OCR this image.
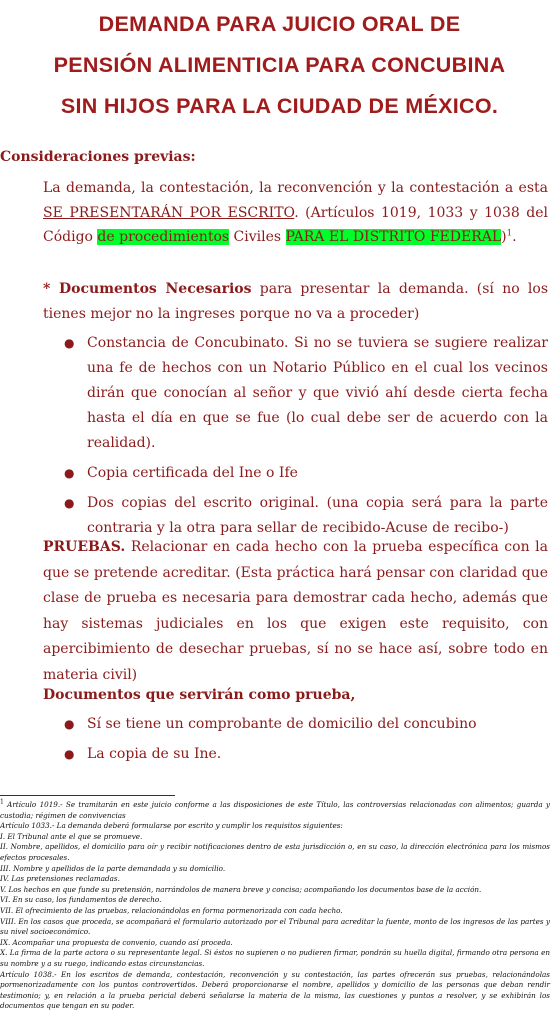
DEMANDA PARA JUICIO ORAL DE
PENSIÓN ALIMENTICIA PARA CONCUBINA
SIN HIJOS PARA LA CIUDAD DE MÉXICO.
Consideraciones previas:
La demanda, la contestación, la reconvención y la contestación a esta SE PRESENTARÁN POR ESCRITO. (Artículos 1019, 1033 y 1038 del Código de procedimientos Civiles PARA EL DISTRITO FEDERAL)$^1$.
* Documentos Necesarios para presentar la demanda. (sí no los tienes mejor no la ingreses porque no va a proceder)
● Constancia de Concubinato. Si no se tuviera se sugiere realizar una fe de hechos con un Notario Público en el cual los vecinos dirán que conocían al señor y que vivió ahí desde cierta fecha hasta el día en que se fue (lo cual debe ser de acuerdo con la realidad).
● Copia certificada del Ine o Ife
● Dos copias del escrito original. (una copia será para la parte contraria y la otra para sellar de recibido-Acuse de recibo-)
PRUEBAS. Relacionar en cada hecho con la prueba específica con la que se pretende acreditar. (Esta práctica hará pensar con claridad que clase de prueba es necesaria para demostrar cada hecho, además que hay sistemas judiciales en los que exigen este requisito, con apercibimiento de desechar pruebas, sí no se hace así, sobre todo en materia civil)
Documentos que servirán como prueba,
● Sí se tiene un comprobante de domicilio del concubino
● La copia de su Ine.

$^1$ Artículo 1019.- Se tramitarán en este juicio conforme a las disposiciones de este Título, las controversias relacionadas con alimentos; guarda y custodia; régimen de convivencias

Artículo 1033.- La demanda deberá formularse por escrito y cumplir los requisitos siguientes:

I. El Tribunal ante el que se promueve.

II. Nombre, apellidos, el domicilio para oír y recibir notificaciones dentro de esta jurisdicción o, en su caso, la dirección electrónica para los mismos efectos procesales.

III. Nombre y apellidos de la parte demandada y su domicilio.

IV. Las pretensiones reclamadas.

V. Los hechos en que funde su pretensión, narrándolos de manera breve y concisa; acompañando los documentos base de la acción.

VI. En su caso, los fundamentos de derecho.

VII. El ofrecimiento de las pruebas, relacionándolas en forma pormenorizada con cada hecho.

VIII. En los casos que proceda, se acompañará el formulario autorizado por el Tribunal para acreditar la fuente, monto de los ingresos de las partes y su nivel socioeconómico.

IX. Acompañar una propuesta de convenio, cuando así proceda.

X. La firma de la parte actora o su representante legal. Si éstos no supieren o no pudieren firmar, pondrán su huella digital, firmando otra persona en su nombre y a su ruego, indicando estas circunstancias.

Artículo 1038.- En los escritos de demanda, contestación, reconvención y su contestación, las partes ofrecerán sus pruebas, relacionándolas pormenorizadamente con los puntos controvertidos. Deberá proporcionarse el nombre, apellidos y domicilio de las personas que deban rendir testimonio; y, en relación a la prueba pericial deberá señalarse la materia de la misma, las cuestiones y puntos a resolver, y se exhibirán los documentos que tengan en su poder.
